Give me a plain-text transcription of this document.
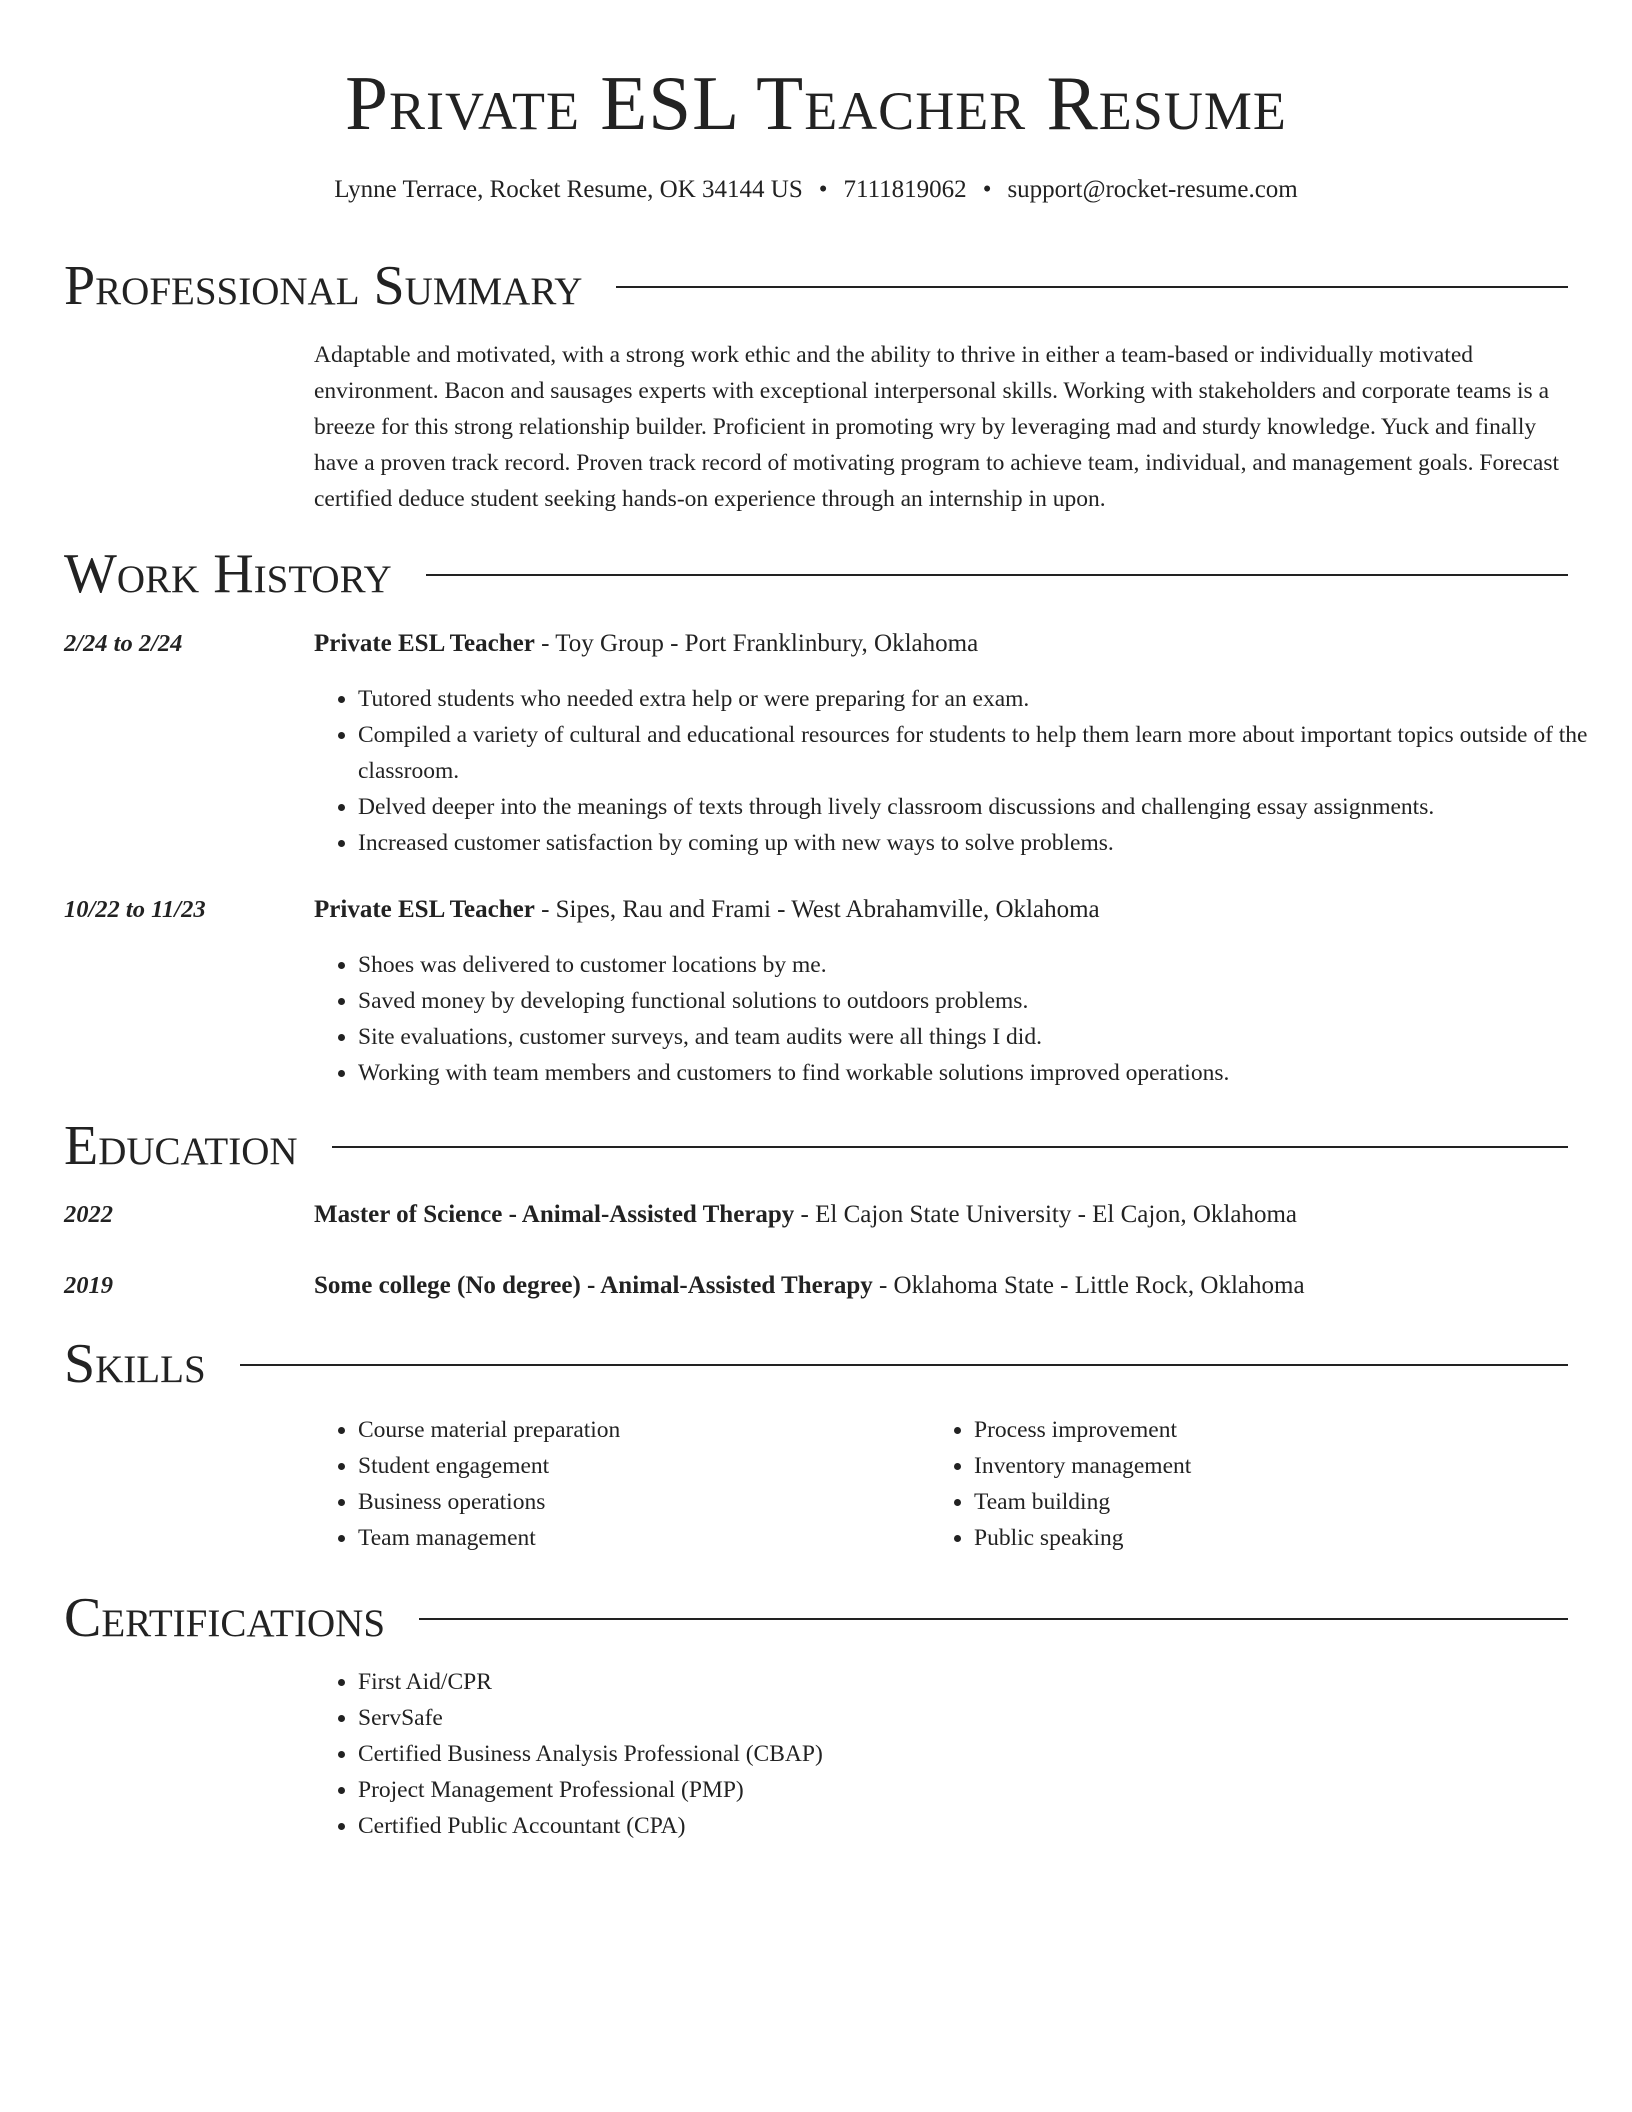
Private ESL Teacher Resume
Lynne Terrace, Rocket Resume, OK 34144 US • 7111819062 • support@rocket-resume.com
Professional Summary

Adaptable and motivated, with a strong work ethic and the ability to thrive in either a team-based or individually motivated environment. Bacon and sausages experts with exceptional interpersonal skills. Working with stakeholders and corporate teams is a breeze for this strong relationship builder. Proficient in promoting wry by leveraging mad and sturdy knowledge. Yuck and finally have a proven track record. Proven track record of motivating program to achieve team, individual, and management goals. Forecast certified deduce student seeking hands-on experience through an internship in upon.

Work History
2/24 to 2/24	Private ESL Teacher - Toy Group - Port Franklinbury, Oklahoma
• Tutored students who needed extra help or were preparing for an exam.
• Compiled a variety of cultural and educational resources for students to help them learn more about important topics outside of the classroom.
• Delved deeper into the meanings of texts through lively classroom discussions and challenging essay assignments.
• Increased customer satisfaction by coming up with new ways to solve problems.
10/22 to 11/23	Private ESL Teacher - Sipes, Rau and Frami - West Abrahamville, Oklahoma
• Shoes was delivered to customer locations by me.
• Saved money by developing functional solutions to outdoors problems.
• Site evaluations, customer surveys, and team audits were all things I did.
• Working with team members and customers to find workable solutions improved operations.
Education
2022	Master of Science - Animal-Assisted Therapy - El Cajon State University - El Cajon, Oklahoma
2019	Some college (No degree) - Animal-Assisted Therapy - Oklahoma State - Little Rock, Oklahoma
Skills
• Course material preparation
• Student engagement
• Business operations
• Team management
• Process improvement
• Inventory management
• Team building
• Public speaking
Certifications
• First Aid/CPR
• ServSafe
• Certified Business Analysis Professional (CBAP)
• Project Management Professional (PMP)
• Certified Public Accountant (CPA)
